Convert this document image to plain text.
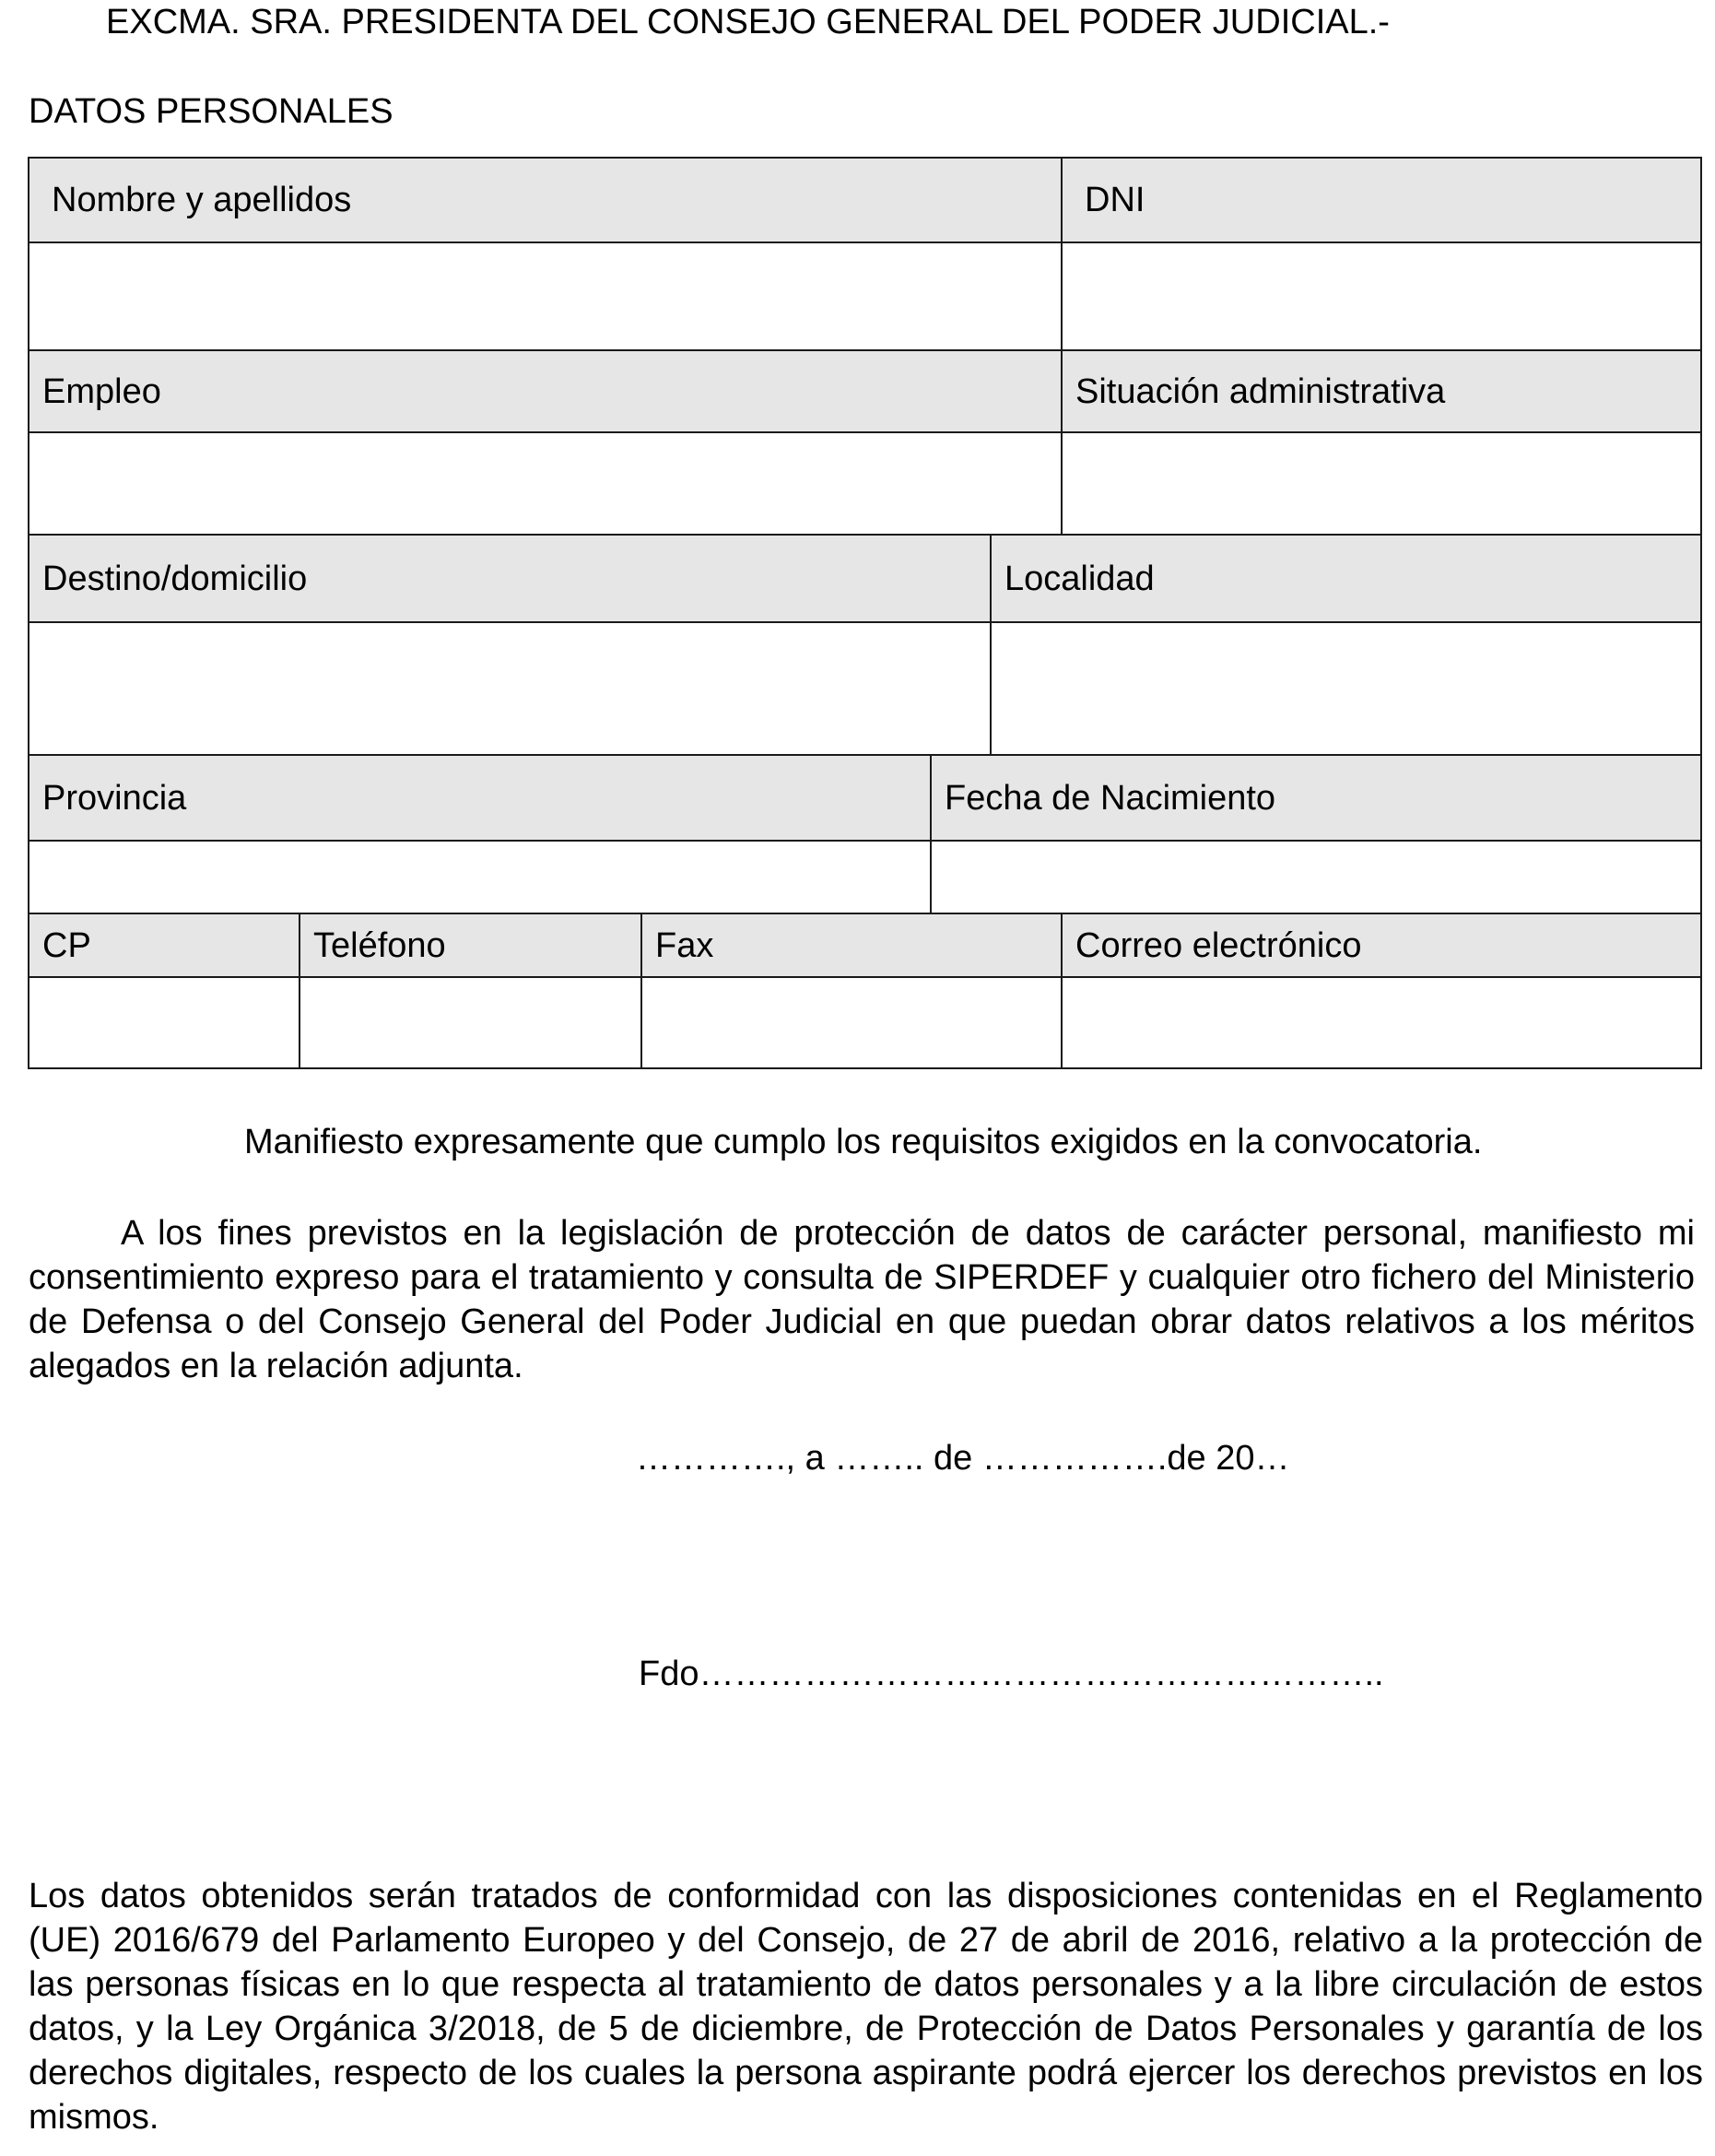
EXCMA. SRA. PRESIDENTA DEL CONSEJO GENERAL DEL PODER JUDICIAL.-
DATOS PERSONALES
Nombre y apellidos	DNI
Empleo	Situación administrativa
Destino/domicilio	Localidad
Provincia	Fecha de Nacimiento
CP	Teléfono	Fax	Correo electrónico
Manifiesto expresamente que cumplo los requisitos exigidos en la convocatoria.
A los fines previstos en la legislación de protección de datos de carácter personal, manifiesto mi consentimiento expreso para el tratamiento y consulta de SIPERDEF y cualquier otro fichero del Ministerio de Defensa o del Consejo General del Poder Judicial en que puedan obrar datos relativos a los méritos alegados en la relación adjunta.
…………., a …….. de …………….de 20…
Fdo…………………………………………………..
Los datos obtenidos serán tratados de conformidad con las disposiciones contenidas en el Reglamento (UE) 2016/679 del Parlamento Europeo y del Consejo, de 27 de abril de 2016, relativo a la protección de las personas físicas en lo que respecta al tratamiento de datos personales y a la libre circulación de estos datos, y la Ley Orgánica 3/2018, de 5 de diciembre, de Protección de Datos Personales y garantía de los derechos digitales, respecto de los cuales la persona aspirante podrá ejercer los derechos previstos en los mismos.
